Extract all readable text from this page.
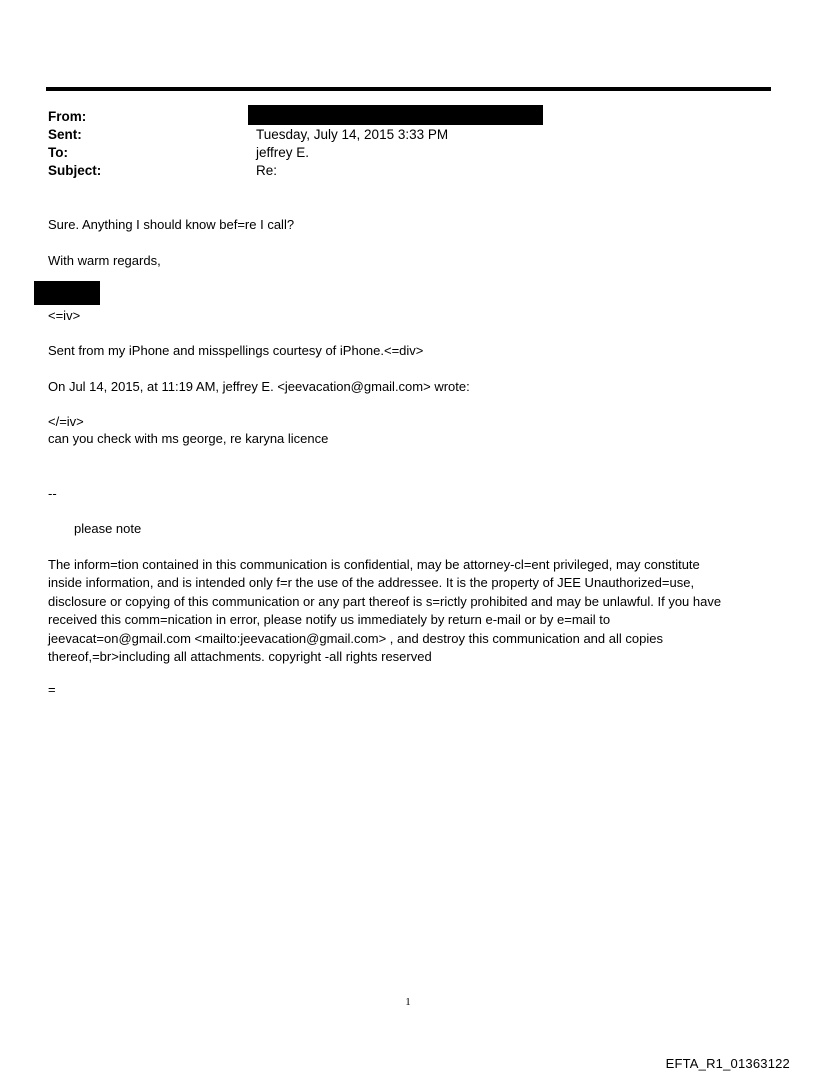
From:
Sent:	Tuesday, July 14, 2015 3:33 PM
To:	jeffrey E.
Subject:	Re:
Sure. Anything I should know bef=re I call?
With warm regards,
<=iv>
Sent from my iPhone and misspellings courtesy of iPhone.<=div>
On Jul 14, 2015, at 11:19 AM, jeffrey E. <jeevacation@gmail.com> wrote:
</=iv>
can you check with ms george, re karyna licence
--
please note

The inform=tion contained in this communication is confidential, may be attorney-cl=ent privileged, may constitute

inside information, and is intended only f=r the use of the addressee. It is the property of JEE Unauthorized=use,

disclosure or copying of this communication or any part thereof is s=rictly prohibited and may be unlawful. If you have

received this comm=nication in error, please notify us immediately by return e-mail or by e=mail to

jeevacat=on@gmail.com <mailto:jeevacation@gmail.com> , and destroy this communication and all copies

thereof,=br>including all attachments. copyright -all rights reserved

=
1
EFTA_R1_01363122
